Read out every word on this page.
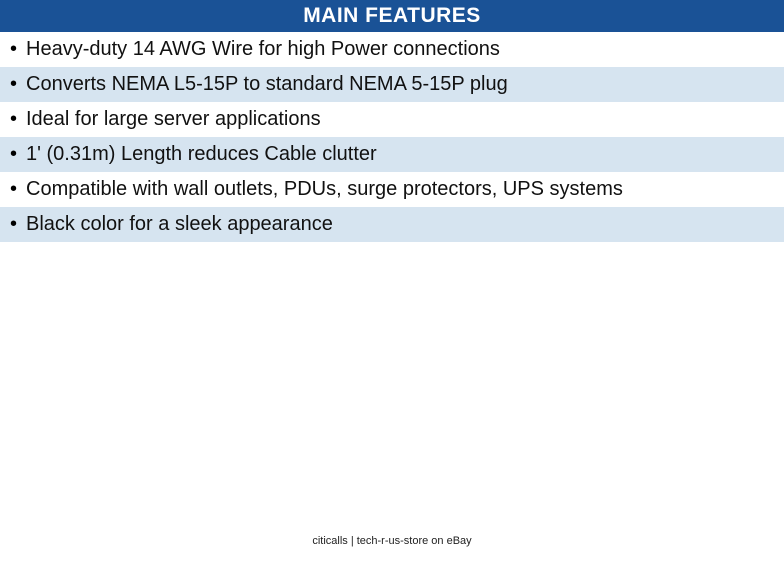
MAIN FEATURES
• Heavy-duty 14 AWG Wire for high Power connections
• Converts NEMA L5-15P to standard NEMA 5-15P plug
• Ideal for large server applications
• 1' (0.31m) Length reduces Cable clutter
• Compatible with wall outlets, PDUs, surge protectors, UPS systems
• Black color for a sleek appearance
citicalls | tech-r-us-store on eBay
